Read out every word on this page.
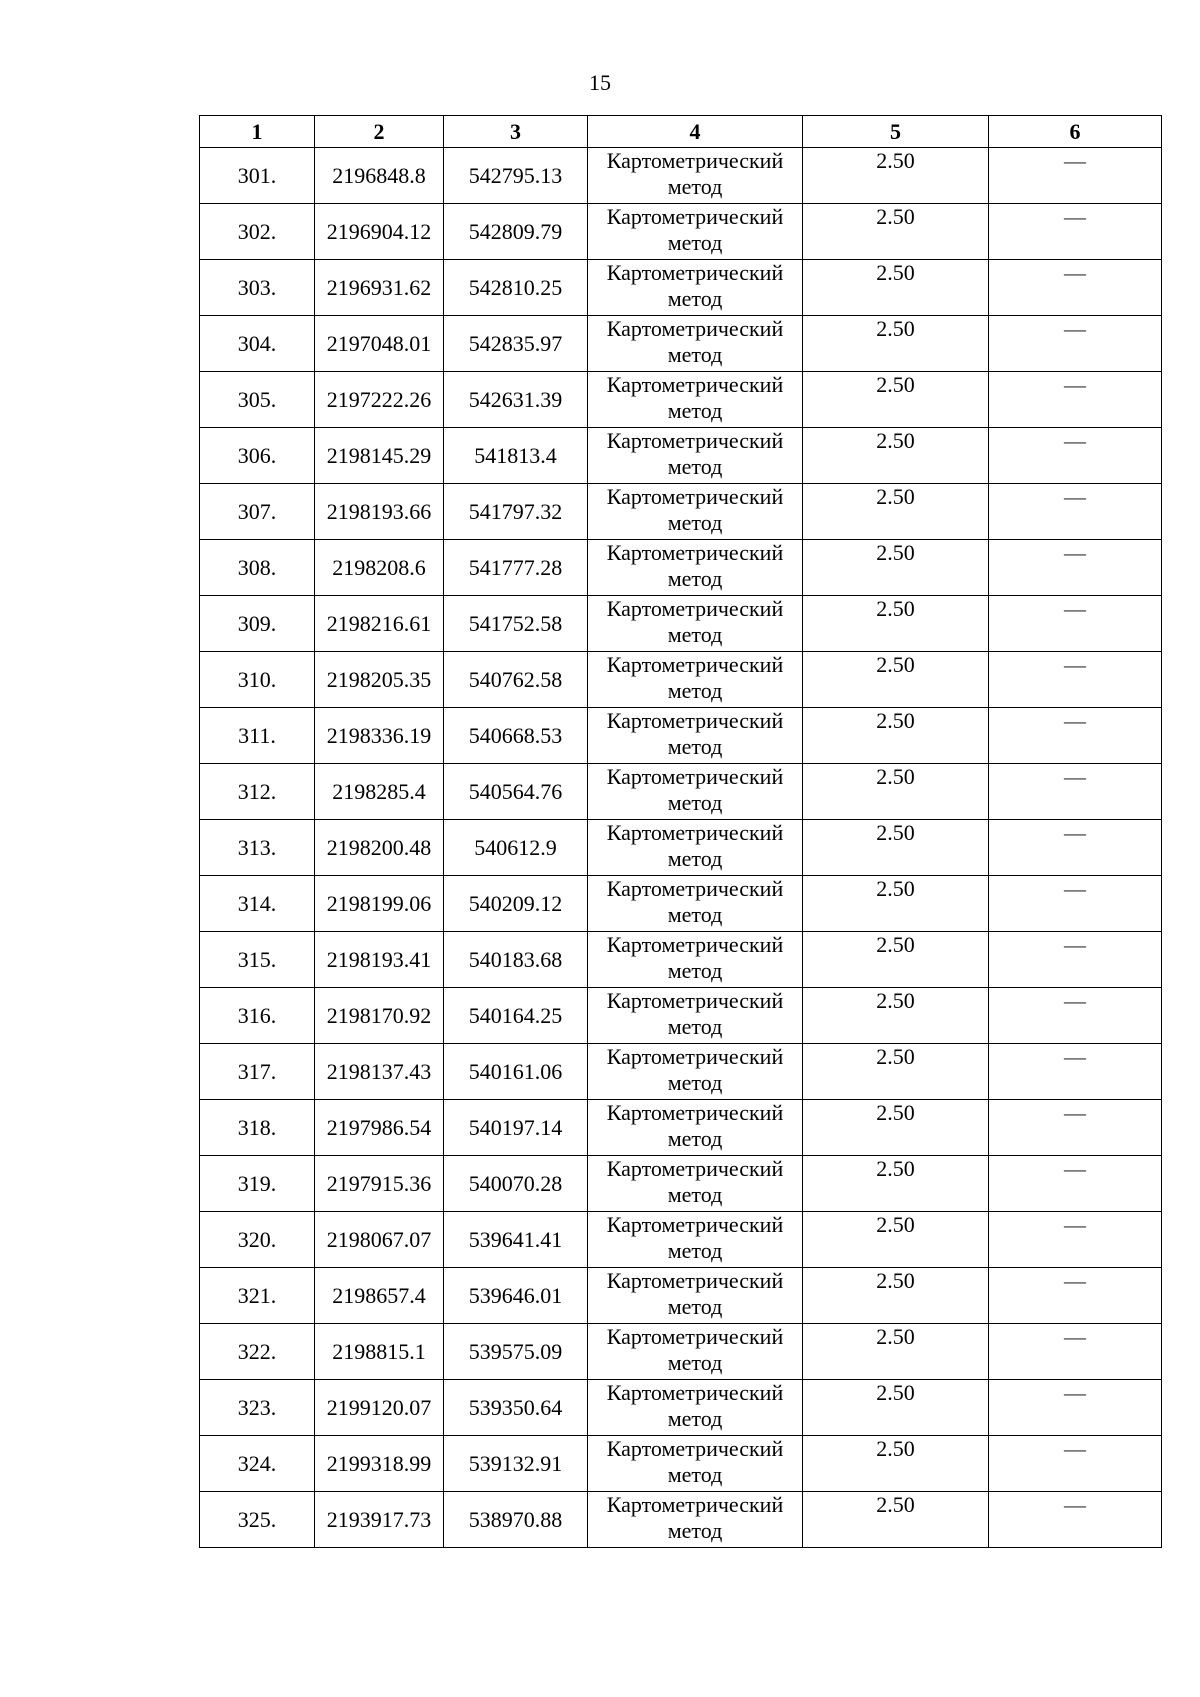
15
1	2	3	4	5	6
301.	2196848.8	542795.13	Картометрический метод	2.50	—
302.	2196904.12	542809.79	Картометрический метод	2.50	—
303.	2196931.62	542810.25	Картометрический метод	2.50	—
304.	2197048.01	542835.97	Картометрический метод	2.50	—
305.	2197222.26	542631.39	Картометрический метод	2.50	—
306.	2198145.29	541813.4	Картометрический метод	2.50	—
307.	2198193.66	541797.32	Картометрический метод	2.50	—
308.	2198208.6	541777.28	Картометрический метод	2.50	—
309.	2198216.61	541752.58	Картометрический метод	2.50	—
310.	2198205.35	540762.58	Картометрический метод	2.50	—
311.	2198336.19	540668.53	Картометрический метод	2.50	—
312.	2198285.4	540564.76	Картометрический метод	2.50	—
313.	2198200.48	540612.9	Картометрический метод	2.50	—
314.	2198199.06	540209.12	Картометрический метод	2.50	—
315.	2198193.41	540183.68	Картометрический метод	2.50	—
316.	2198170.92	540164.25	Картометрический метод	2.50	—
317.	2198137.43	540161.06	Картометрический метод	2.50	—
318.	2197986.54	540197.14	Картометрический метод	2.50	—
319.	2197915.36	540070.28	Картометрический метод	2.50	—
320.	2198067.07	539641.41	Картометрический метод	2.50	—
321.	2198657.4	539646.01	Картометрический метод	2.50	—
322.	2198815.1	539575.09	Картометрический метод	2.50	—
323.	2199120.07	539350.64	Картометрический метод	2.50	—
324.	2199318.99	539132.91	Картометрический метод	2.50	—
325.	2193917.73	538970.88	Картометрический метод	2.50	—
